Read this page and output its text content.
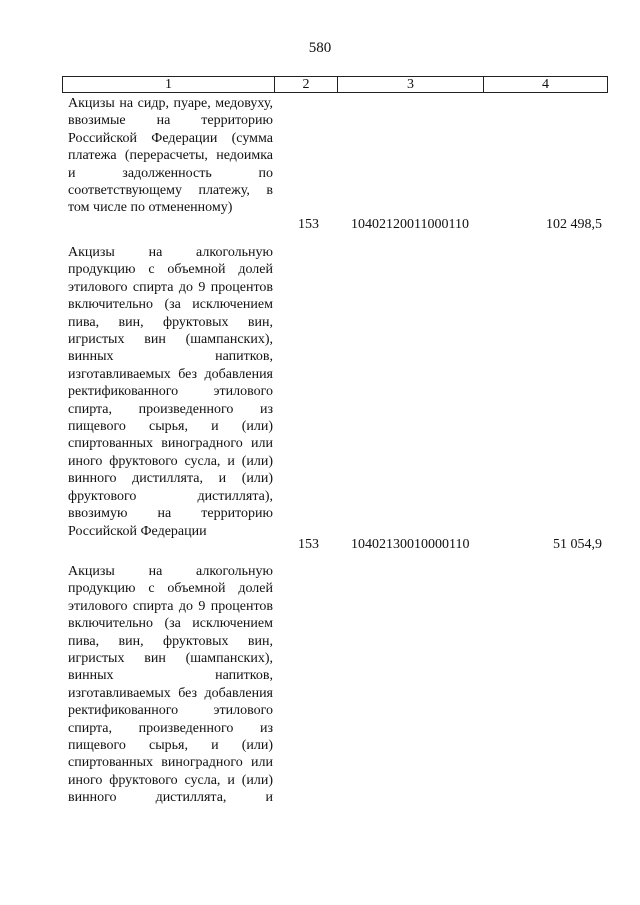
580
1	2	3	4
Акцизы на сидр, пуаре, медовуху, ввозимые на территорию Российской Федерации (сумма платежа (перерасчеты, недоимка и задолженность по соответствующему платежу, в
том числе по отмененному)
153 10402120011000110	102 498,5
Акцизы на алкогольную продукцию с объемной долей этилового спирта до 9 процентов включительно (за исключением пива, вин, фруктовых вин, игристых вин (шампанских), винных напитков, изготавливаемых без добавления ректификованного этилового спирта, произведенного из пищевого сырья, и (или) спиртованных виноградного или иного фруктового сусла, и (или) винного дистиллята, и (или) фруктового дистиллята), ввозимую на территорию
Российской Федерации
153 10402130010000110	51 054,9
Акцизы на алкогольную продукцию с объемной долей этилового спирта до 9 процентов включительно (за исключением пива, вин, фруктовых вин, игристых вин (шампанских), винных напитков, изготавливаемых без добавления ректификованного этилового спирта, произведенного из пищевого сырья, и (или) спиртованных виноградного или иного фруктового сусла, и (или) винного дистиллята, и
